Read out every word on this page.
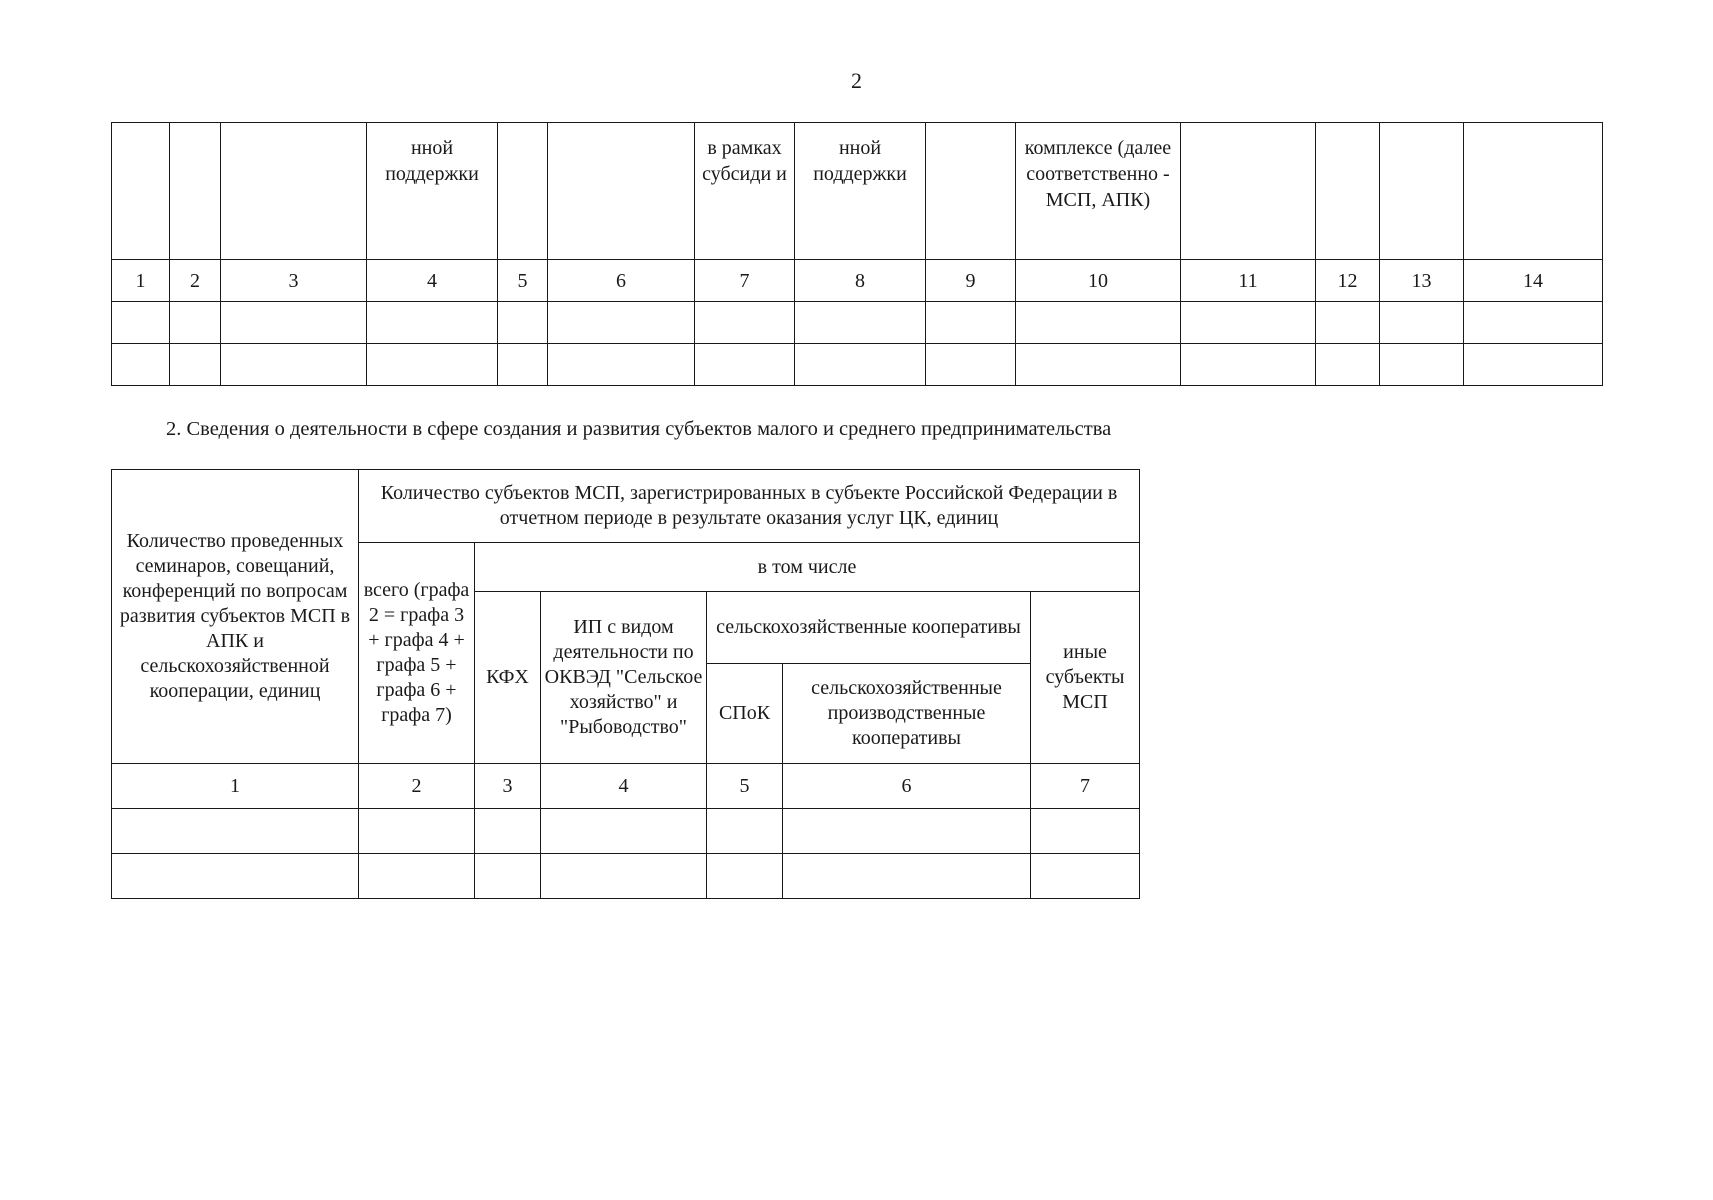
2
			нной поддержки			в рамках субсиди и	нной поддержки		комплексе (далее соответственно - МСП, АПК)				
1	2	3	4	5	6	7	8	9	10	11	12	13	14

2. Сведения о деятельности в сфере создания и развития субъектов малого и среднего предпринимательства
Количество проведенных семинаров, совещаний, конференций по вопросам развития субъектов МСП в АПК и сельскохозяйственной кооперации, единиц	Количество субъектов МСП, зарегистрированных в субъекте Российской Федерации в отчетном периоде в результате оказания услуг ЦК, единиц					
	всего (графа 2 = графа 3 + графа 4 + графа 5 + графа 6 + графа 7)	в том числе				
		КФХ	ИП с видом деятельности по ОКВЭД "Сельское хозяйство" и "Рыбоводство"	сельскохозяйственные кооперативы		иные субъекты МСП
				СПоК	сельскохозяйственные производственные кооперативы	
1	2	3	4	5	6	7
